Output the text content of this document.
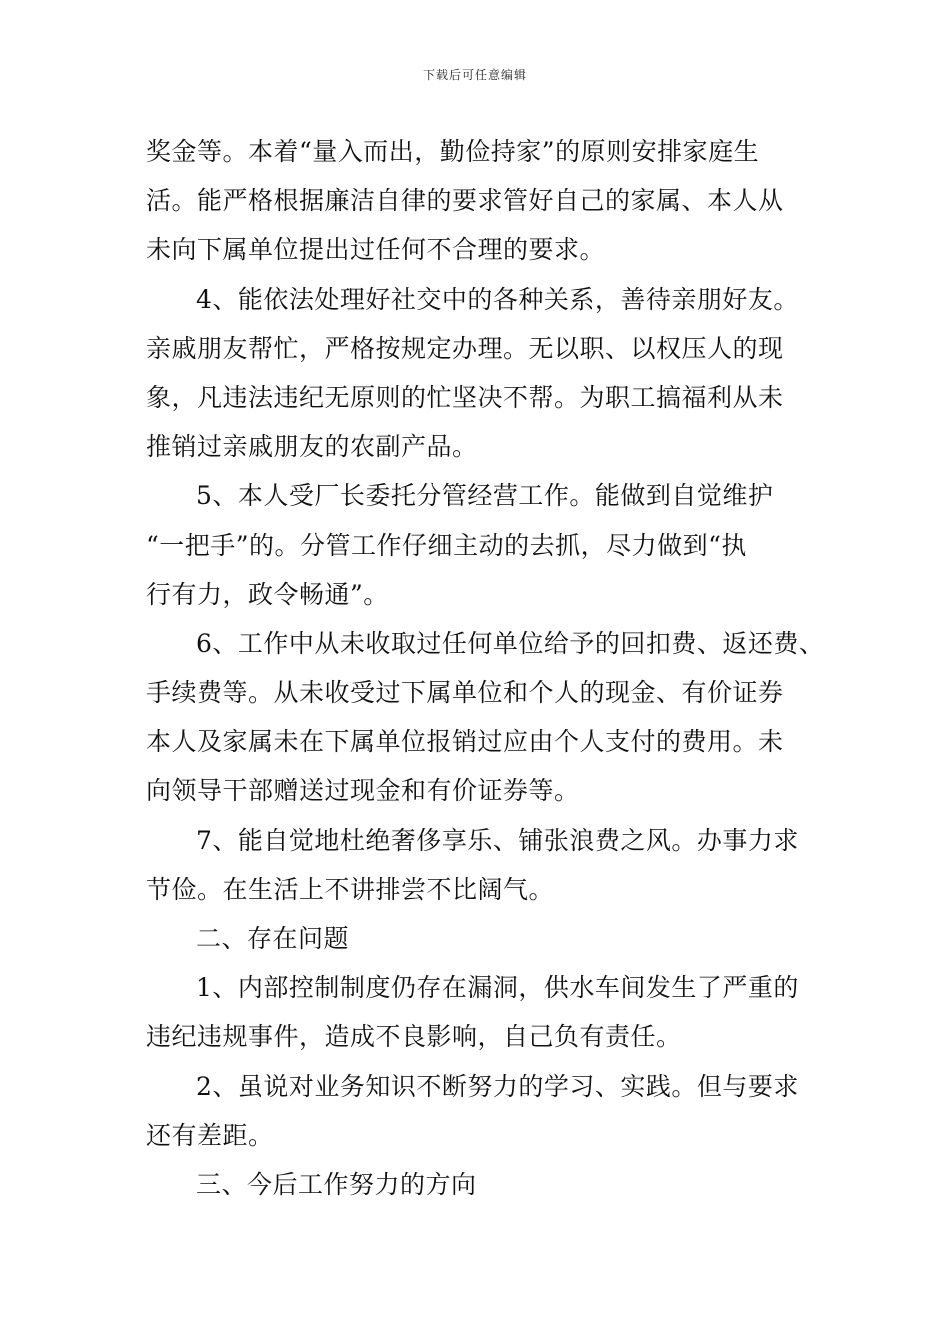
下载后可任意编辑
奖金等。本着“量入而出，勤俭持家”的原则安排家庭生
活。能严格根据廉洁自律的要求管好自己的家属、本人从
未向下属单位提出过任何不合理的要求。
4、能依法处理好社交中的各种关系，善待亲朋好友。
亲戚朋友帮忙，严格按规定办理。无以职、以权压人的现
象，凡违法违纪无原则的忙坚决不帮。为职工搞福利从未
推销过亲戚朋友的农副产品。
5、本人受厂长委托分管经营工作。能做到自觉维护
“一把手”的。分管工作仔细主动的去抓，尽力做到“执
行有力，政令畅通”。
6、工作中从未收取过任何单位给予的回扣费、返还费、
手续费等。从未收受过下属单位和个人的现金、有价证券
本人及家属未在下属单位报销过应由个人支付的费用。未
向领导干部赠送过现金和有价证券等。
7、能自觉地杜绝奢侈享乐、铺张浪费之风。办事力求
节俭。在生活上不讲排尝不比阔气。
二、存在问题
1、内部控制制度仍存在漏洞，供水车间发生了严重的
违纪违规事件，造成不良影响，自己负有责任。
2、虽说对业务知识不断努力的学习、实践。但与要求
还有差距。
三、今后工作努力的方向
